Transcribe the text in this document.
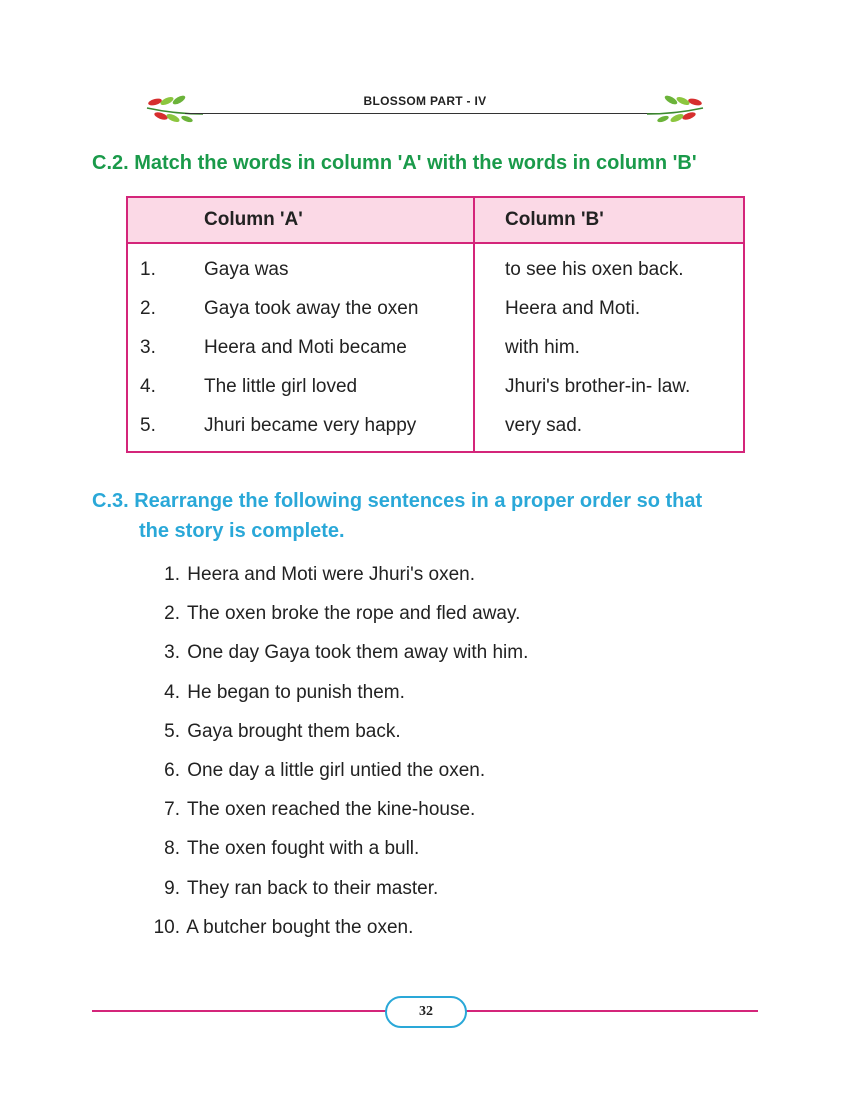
BLOSSOM PART - IV
C.2. Match the words in column 'A' with the words in column 'B'
	Column 'A'	Column 'B'
1.	Gaya was	to see his oxen back.
2.	Gaya took away the oxen	Heera and Moti.
3.	Heera and Moti became	with him.
4.	The little girl loved	Jhuri's brother-in- law.
5.	Jhuri became very happy	very sad.
C.3. Rearrange the following sentences in a proper order so that
the story is complete.
1. Heera and Moti were Jhuri's oxen.
2. The oxen broke the rope and fled away.
3. One day Gaya took them away with him.
4. He began to punish them.
5. Gaya brought them back.
6. One day a little girl untied the oxen.
7. The oxen reached the kine-house.
8. The oxen fought with a bull.
9. They ran back to their master.
10. A butcher bought the oxen.
32
